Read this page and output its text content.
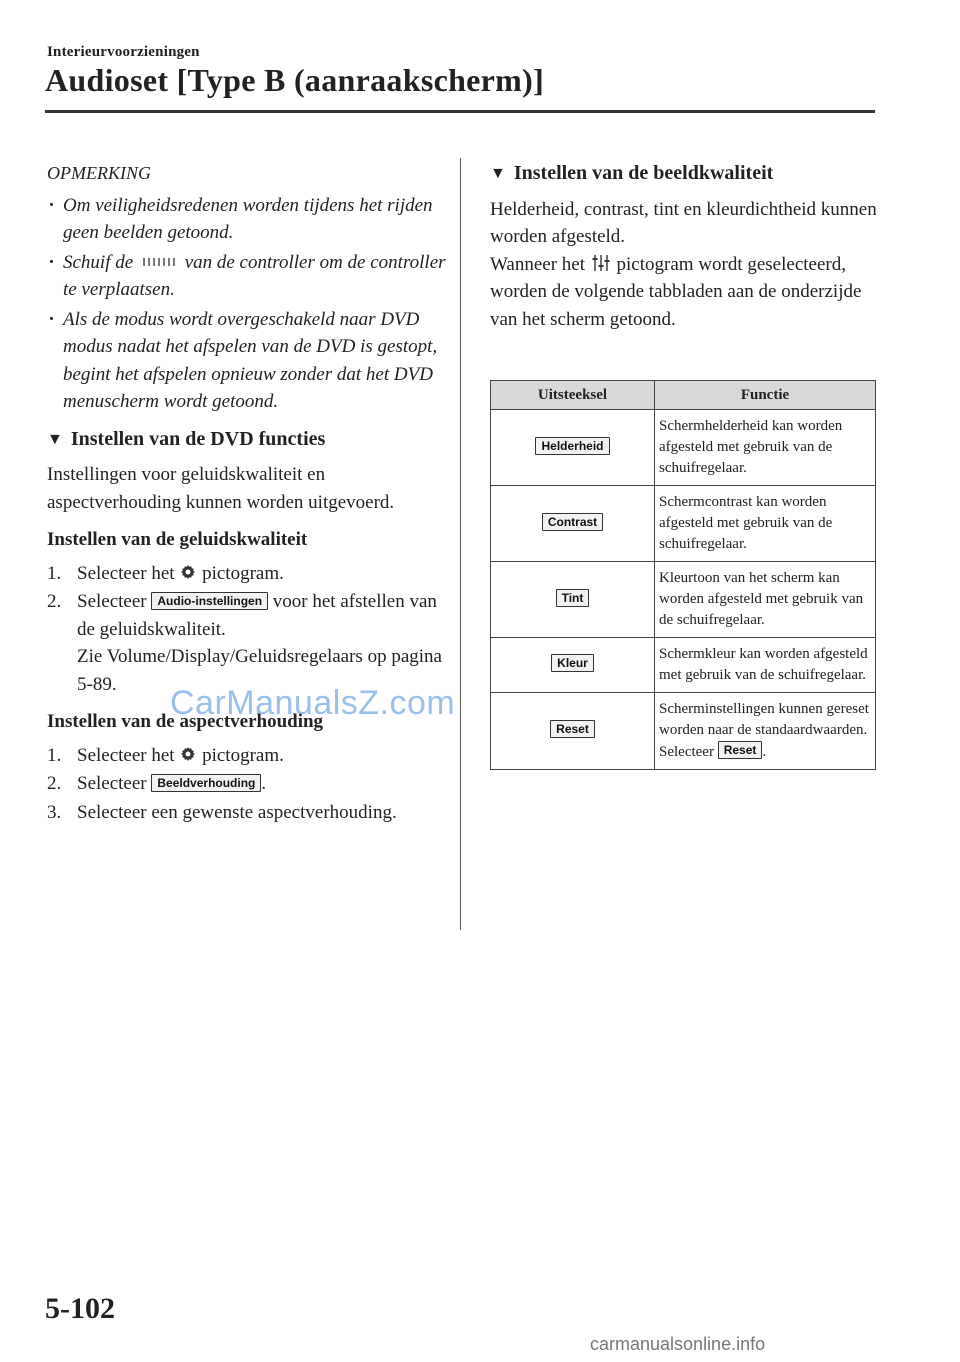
Interieurvoorzieningen
Audioset [Type B (aanraakscherm)]
OPMERKING
· Om veiligheidsredenen worden tijdens het rijden geen beelden getoond.
· Schuif de	van de controller om de controller te verplaatsen.
· Als de modus wordt overgeschakeld naar DVD modus nadat het afspelen van de DVD is gestopt, begint het afspelen opnieuw zonder dat het DVD menuscherm wordt getoond.
▼ Instellen van de DVD functies

Instellingen voor geluidskwaliteit en aspectverhouding kunnen worden uitgevoerd.

Instellen van de geluidskwaliteit
1. Selecteer het pictogram.
2. Selecteer Audio-instellingen voor het afstellen van de geluidskwaliteit.
Zie Volume/Display/Geluidsregelaars op pagina 5-89.
Instellen van de aspectverhouding
1. Selecteer het pictogram.
2. Selecteer Beeldverhouding .
3. Selecteer een gewenste aspectverhouding.
▼ Instellen van de beeldkwaliteit

Helderheid, contrast, tint en kleurdichtheid kunnen worden afgesteld.

Wanneer het pictogram wordt geselecteerd, worden de volgende tabbladen aan de onderzijde van het scherm getoond.

Uitsteeksel	Functie
Helderheid	Schermhelderheid kan worden afgesteld met gebruik van de schuifregelaar.
Contrast	Schermcontrast kan worden afgesteld met gebruik van de schuifregelaar.
Tint	Kleurtoon van het scherm kan worden afgesteld met gebruik van de schuifregelaar.
Kleur	Schermkleur kan worden afgesteld met gebruik van de schuifregelaar.
Reset	Scherminstellingen kunnen gereset worden naar de standaardwaarden.
Selecteer Reset .
CarManualsZ.com
5-102
carmanualsonline.info
